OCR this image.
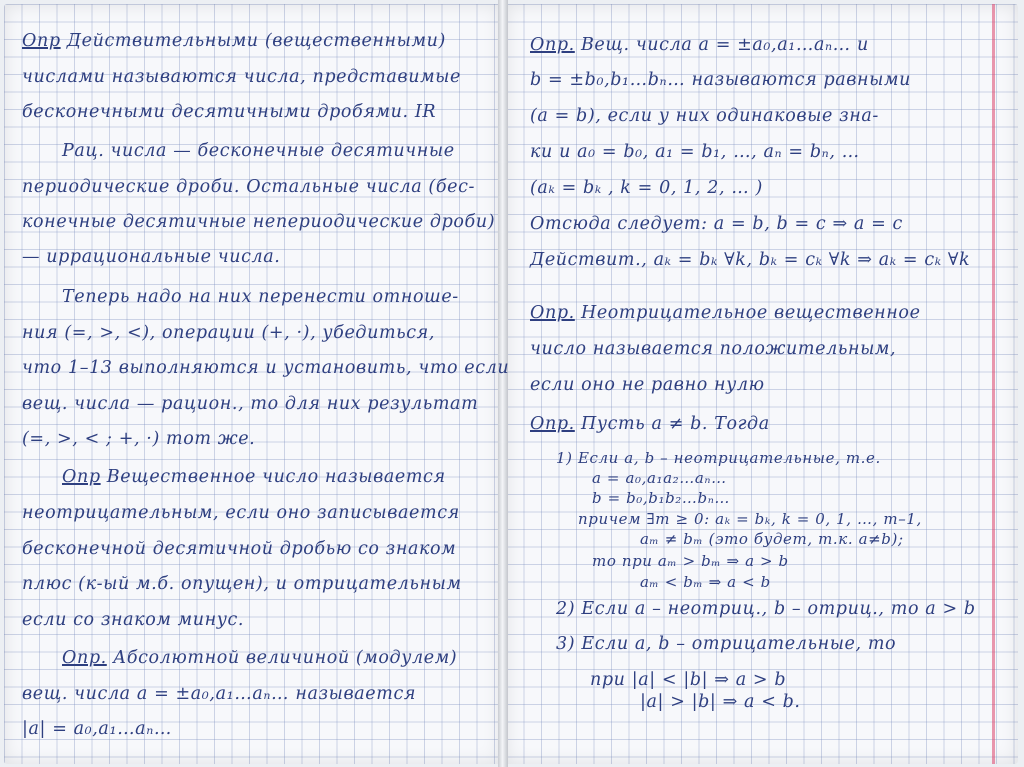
Опр Действительными (вещественными)
числами называются числа, представимые
бесконечными десятичными дробями. IR
Рац. числа — бесконечные десятичные
периодические дроби. Остальные числа (бес-
конечные десятичные непериодические дроби)
— иррациональные числа.
Теперь надо на них перенести отноше-
ния (=, >, <), операции (+, ·), убедиться,
что 1–13 выполняются и установить, что если
вещ. числа — рацион., то для них результат
(=, >, < ; +, ·) тот же.
Опр Вещественное число называется
неотрицательным, если оно записывается
бесконечной десятичной дробью со знаком
плюс (к-ый м.б. опущен), и отрицательным
если со знаком минус.
Опр. Абсолютной величиной (модулем)
вещ. числа a = ±a₀,a₁…aₙ… называется
|a| = a₀,a₁…aₙ…
Опр. Вещ. числа a = ±a₀,a₁…aₙ… и
b = ±b₀,b₁…bₙ… называются равными
(a = b), если у них одинаковые зна-
ки и a₀ = b₀, a₁ = b₁, …, aₙ = bₙ, …
(aₖ = bₖ , k = 0, 1, 2, … )
Отсюда следует: a = b, b = c ⇒ a = c
Действит., aₖ = bₖ ∀k, bₖ = cₖ ∀k ⇒ aₖ = cₖ ∀k
Опр. Неотрицательное вещественное
число называется положительным,
если оно не равно нулю
Опр. Пусть a ≠ b. Тогда
1) Если a, b – неотрицательные, т.е.
a = a₀,a₁a₂…aₙ…
b = b₀,b₁b₂…bₙ…
причем ∃m ≥ 0: aₖ = bₖ, k = 0, 1, …, m–1,
aₘ ≠ bₘ (это будет, т.к. a≠b);
то при aₘ > bₘ ⇒ a > b
aₘ < bₘ ⇒ a < b
2) Если a – неотриц., b – отриц., то a > b
3) Если a, b – отрицательные, то
при |a| < |b| ⇒ a > b
|a| > |b| ⇒ a < b.
